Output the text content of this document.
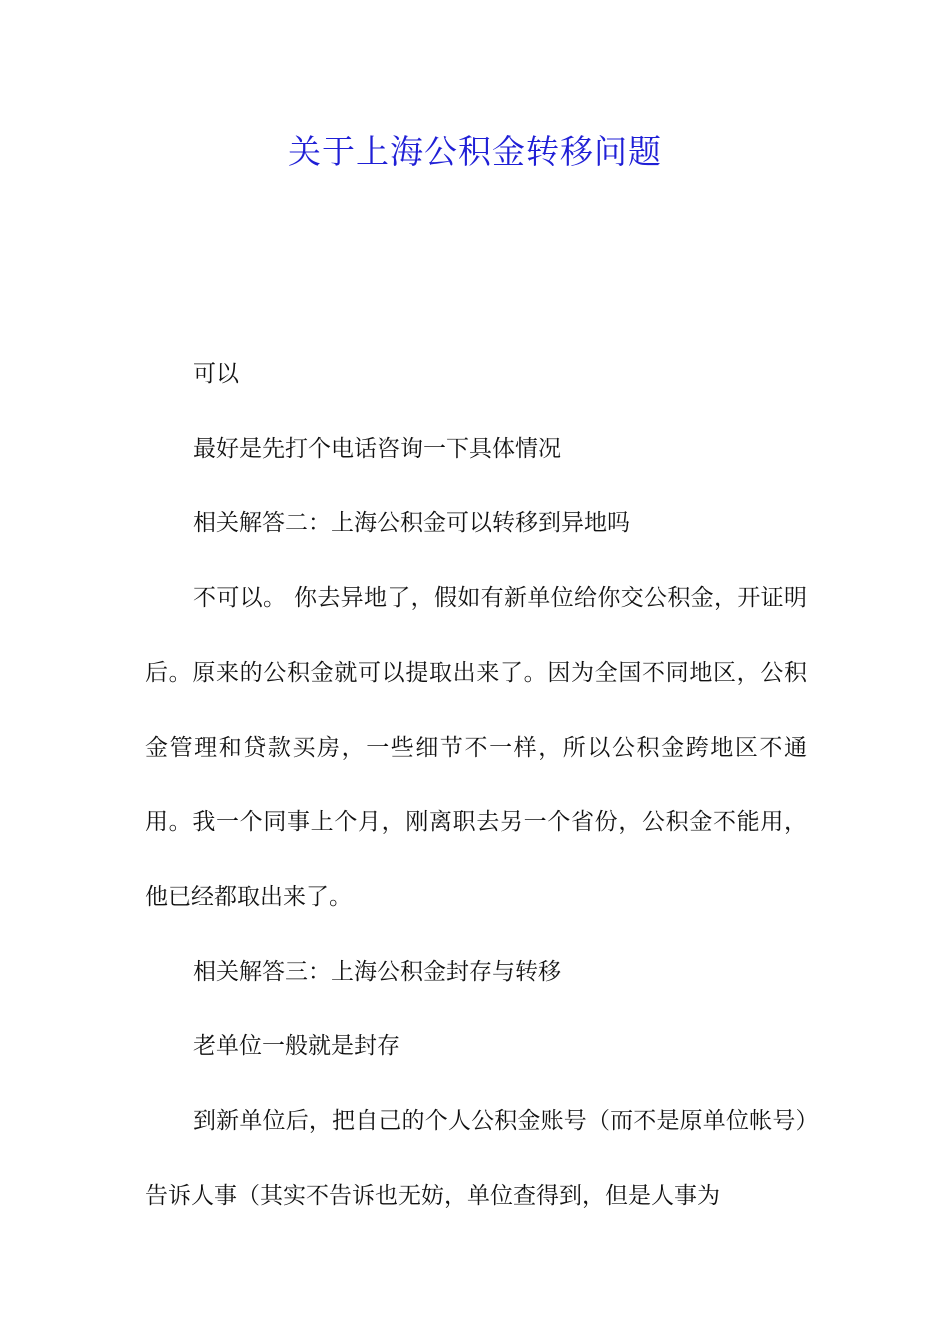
关于上海公积金转移问题

可以

最好是先打个电话咨询一下具体情况

相关解答二：上海公积金可以转移到异地吗

不可以。 你去异地了，假如有新单位给你交公积金，开证明后。原来的公积金就可以提取出来了。因为全国不同地区，公积金管理和贷款买房，一些细节不一样，所以公积金跨地区不通用。我一个同事上个月，刚离职去另一个省份，公积金不能用，他已经都取出来了。

相关解答三：上海公积金封存与转移

老单位一般就是封存

到新单位后，把自己的个人公积金账号（而不是原单位帐号）告诉人事（其实不告诉也无妨，单位查得到，但是人事为
